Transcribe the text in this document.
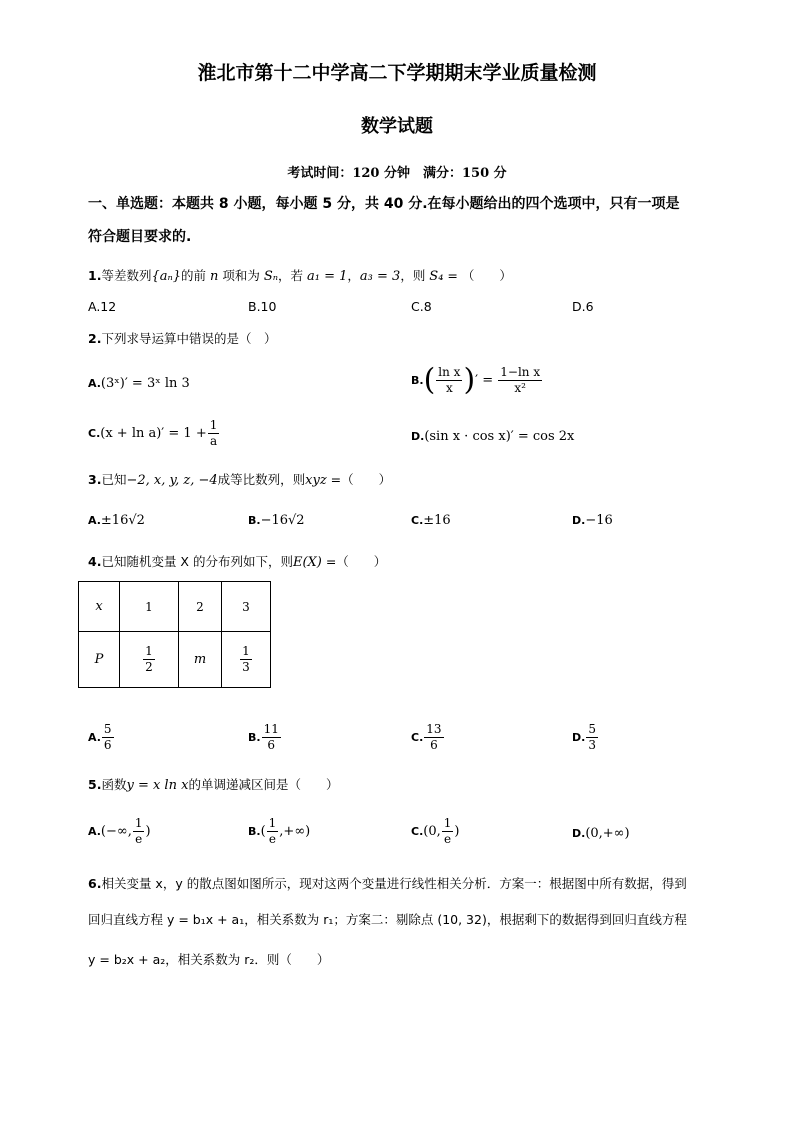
淮北市第十二中学高二下学期期末学业质量检测
数学试题
考试时间：120 分钟　满分：150 分
一、单选题：本题共 8 小题，每小题 5 分，共 40 分.在每小题给出的四个选项中，只有一项是
符合题目要求的.
1.等差数列{aₙ}的前 n 项和为 Sₙ，若 a₁ = 1，a₃ = 3，则 S₄ = （　　）
A.12	B.10	C.8	D.6
2.下列求导运算中错误的是（　）
A.(3ˣ)′ = 3ˣ ln 3	$B.( \frac{\text{ln x}}{x}$ )′ = $\frac{\text{1−ln x}}{\text{x²}}$
$C.(x + \ln a)' = 1 + \frac{1}{a}$	D.(sin x · cos x)′ = cos 2x
3.已知−2, x, y, z, −4成等比数列，则xyz =（　　）
A.±16√2	B.−16√2	C.±16	D.−16
4.已知随机变量 X 的分布列如下，则E(X) =（　　）
x	1	2	3
P	$\frac{1}{2}$	m	$\frac{1}{3}$
A. $\frac{5}{6}$	B. $\frac{11}{6}$	C. $\frac{13}{6}$	D. $\frac{5}{3}$
5.函数y = x ln x的单调递减区间是（　　）
A.(−∞, $\frac{1}{e}$ )	$B.( \frac{1}{e}$ ,+∞)	C.(0, $\frac{1}{e}$ )	D.(0,+∞)
6.相关变量 x，y 的散点图如图所示，现对这两个变量进行线性相关分析．方案一：根据图中所有数据，得到
回归直线方程 y = b₁x + a₁，相关系数为 r₁；方案二：剔除点 (10, 32)，根据剩下的数据得到回归直线方程
y = b₂x + a₂，相关系数为 r₂．则（　　）
